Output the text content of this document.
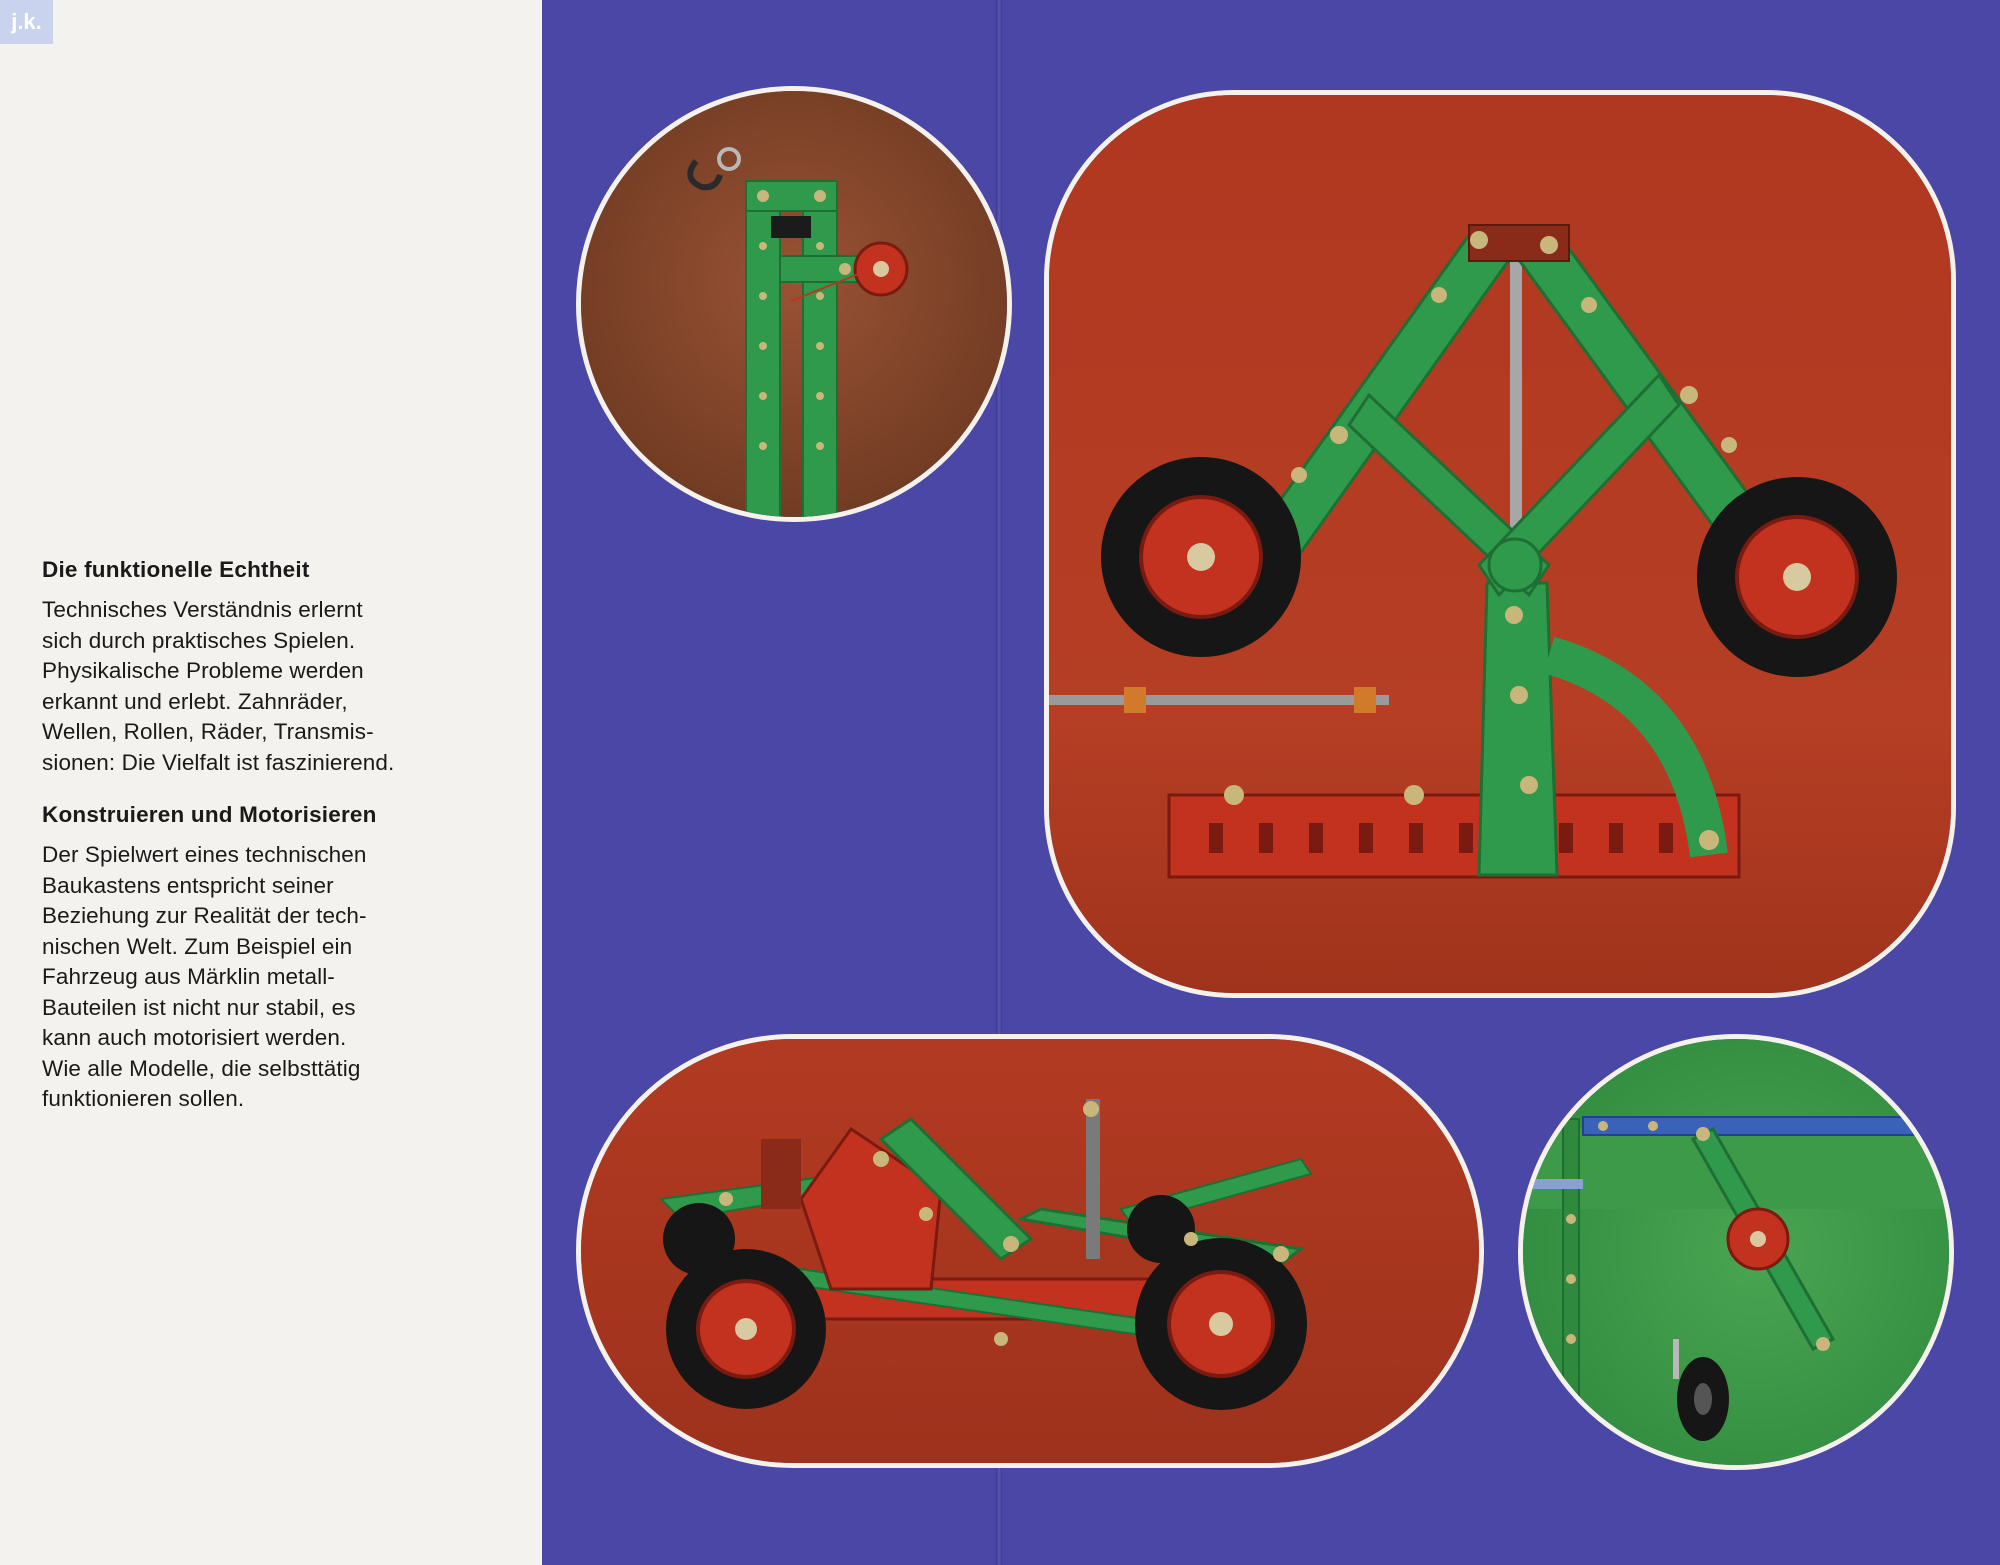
j.k.
Die funktionelle Echtheit

Technisches Verständnis erlernt
sich durch praktisches Spielen.
Physikalische Probleme werden
erkannt und erlebt. Zahnräder,
Wellen, Rollen, Räder, Transmis-
sionen: Die Vielfalt ist faszinierend.

Konstruieren und Motorisieren

Der Spielwert eines technischen
Baukastens entspricht seiner
Beziehung zur Realität der tech-
nischen Welt. Zum Beispiel ein
Fahrzeug aus Märklin metall-
Bauteilen ist nicht nur stabil, es
kann auch motorisiert werden.
Wie alle Modelle, die selbsttätig
funktionieren sollen.
